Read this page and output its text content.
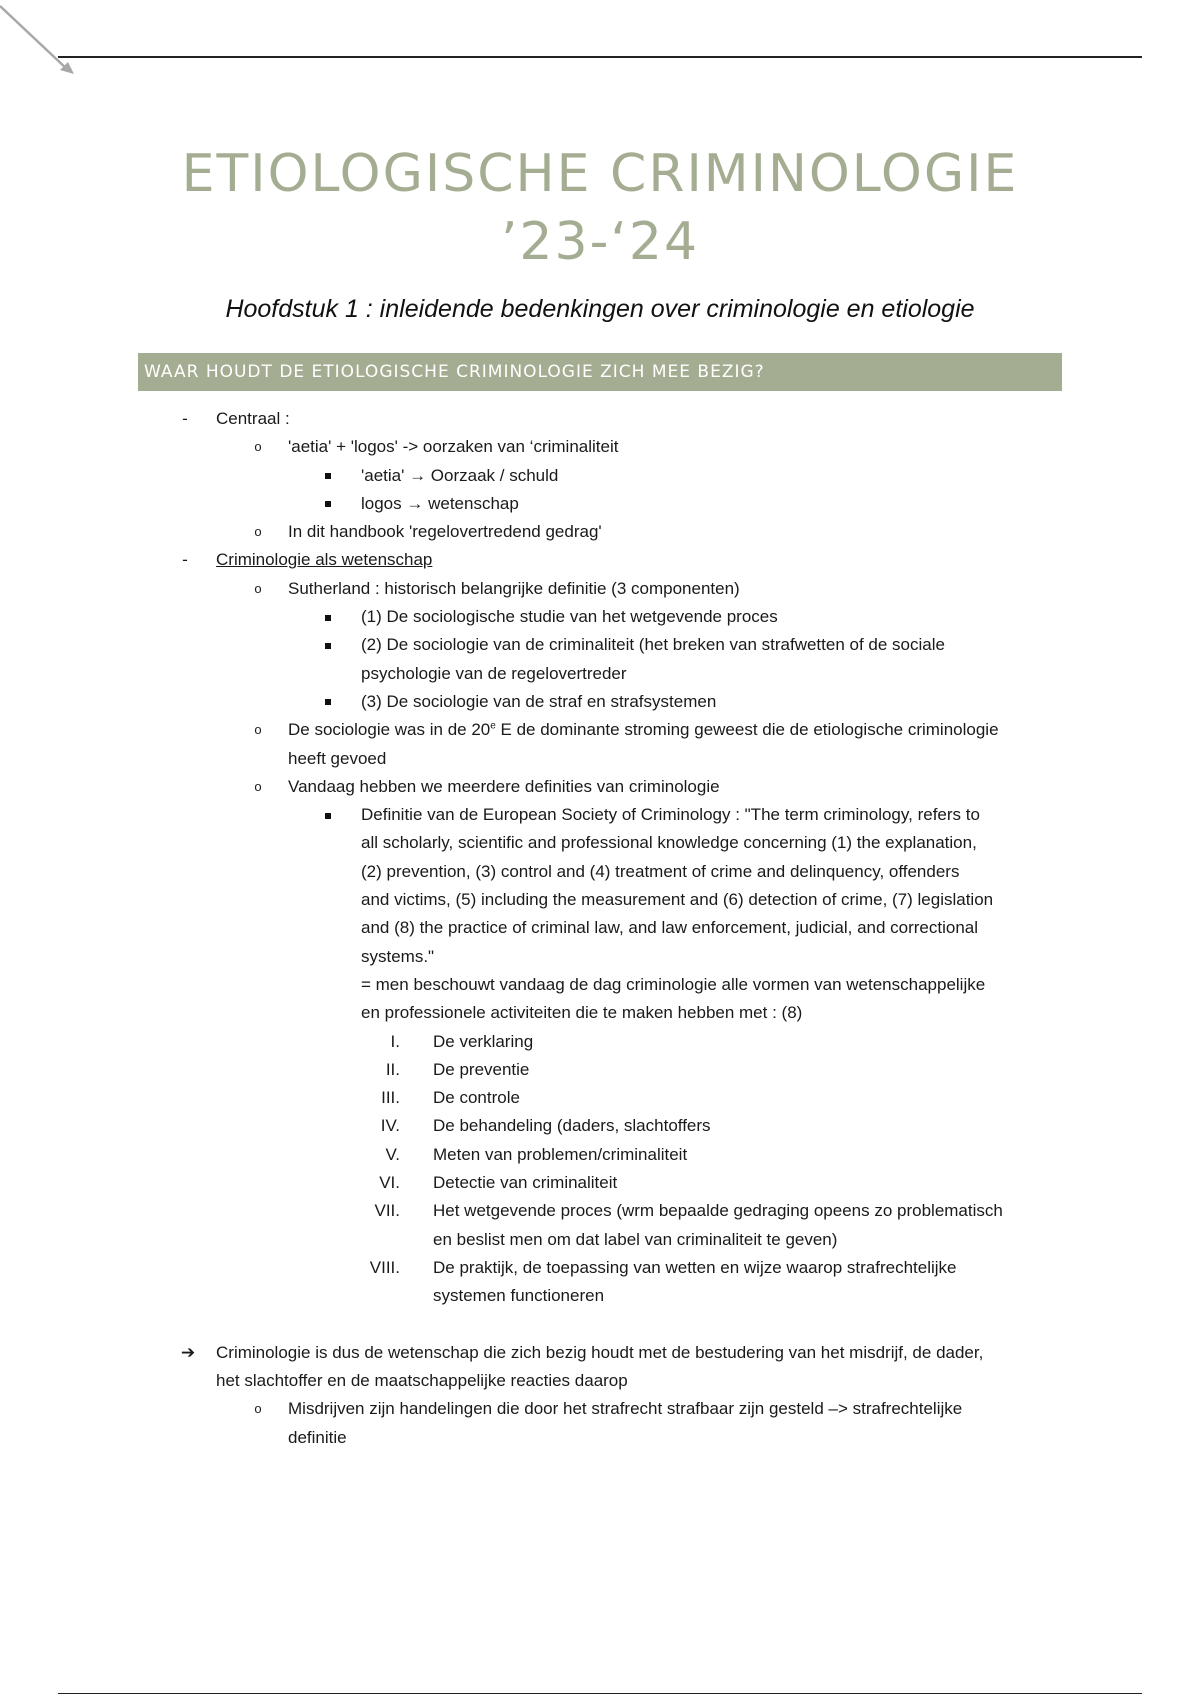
ETIOLOGISCHE CRIMINOLOGIE
’23-‘24
Hoofdstuk 1 : inleidende bedenkingen over criminologie en etiologie
WAAR HOUDT DE ETIOLOGISCHE CRIMINOLOGIE ZICH MEE BEZIG?
- Centraal :
o 'aetia' + 'logos' -> oorzaken van ‘criminaliteit
'aetia' → Oorzaak / schuld
logos → wetenschap
o In dit handbook 'regelovertredend gedrag'
- Criminologie als wetenschap
o Sutherland : historisch belangrijke definitie (3 componenten)
(1) De sociologische studie van het wetgevende proces
(2) De sociologie van de criminaliteit (het breken van strafwetten of de sociale
psychologie van de regelovertreder
(3) De sociologie van de straf en strafsystemen
o De sociologie was in de 20e E de dominante stroming geweest die de etiologische criminologie
heeft gevoed
o Vandaag hebben we meerdere definities van criminologie
Definitie van de European Society of Criminology : "The term criminology, refers to
all scholarly, scientific and professional knowledge concerning (1) the explanation,
(2) prevention, (3) control and (4) treatment of crime and delinquency, offenders
and victims, (5) including the measurement and (6) detection of crime, (7) legislation
and (8) the practice of criminal law, and law enforcement, judicial, and correctional
systems."
= men beschouwt vandaag de dag criminologie alle vormen van wetenschappelijke
en professionele activiteiten die te maken hebben met : (8)
I. De verklaring
II. De preventie
III. De controle
IV. De behandeling (daders, slachtoffers
V. Meten van problemen/criminaliteit
VI. Detectie van criminaliteit
VII. Het wetgevende proces (wrm bepaalde gedraging opeens zo problematisch
en beslist men om dat label van criminaliteit te geven)
VIII. De praktijk, de toepassing van wetten en wijze waarop strafrechtelijke
systemen functioneren
➔ Criminologie is dus de wetenschap die zich bezig houdt met de bestudering van het misdrijf, de dader,
het slachtoffer en de maatschappelijke reacties daarop
o Misdrijven zijn handelingen die door het strafrecht strafbaar zijn gesteld –> strafrechtelijke
definitie
